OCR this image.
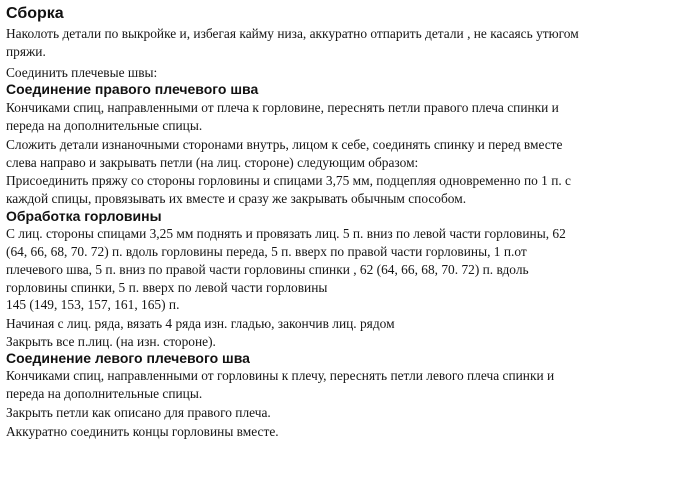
Сборка
Наколоть детали по выкройке и, избегая кайму низа, аккуратно отпарить детали , не касаясь утюгом
пряжи.
Соединить плечевые швы:
Соединение правого плечевого шва
Кончиками спиц, направленными от плеча к горловине, переснять петли правого плеча спинки и
переда на дополнительные спицы.
Сложить детали изнаночными сторонами внутрь, лицом к себе, соединять спинку и перед вместе
слева направо и закрывать петли (на лиц. стороне) следующим образом:
Присоединить пряжу со стороны горловины и спицами 3,75 мм, подцепляя одновременно по 1 п. с
каждой спицы, провязывать их вместе и сразу же закрывать обычным способом.
Обработка горловины
С лиц. стороны спицами 3,25 мм поднять и провязать лиц. 5 п. вниз по левой части горловины, 62
(64, 66, 68, 70. 72) п. вдоль горловины переда, 5 п. вверх по правой части горловины, 1 п.от
плечевого шва, 5 п. вниз по правой части горловины спинки , 62 (64, 66, 68, 70. 72) п. вдоль
горловины спинки, 5 п. вверх по левой части горловины
145 (149, 153, 157, 161, 165) п.
Начиная с лиц. ряда, вязать 4 ряда изн. гладью, закончив лиц. рядом
Закрыть все п.лиц. (на изн. стороне).
Соединение левого плечевого шва
Кончиками спиц, направленными от горловины к плечу, переснять петли левого плеча спинки и
переда на дополнительные спицы.
Закрыть петли как описано для правого плеча.
Аккуратно соединить концы горловины вместе.
